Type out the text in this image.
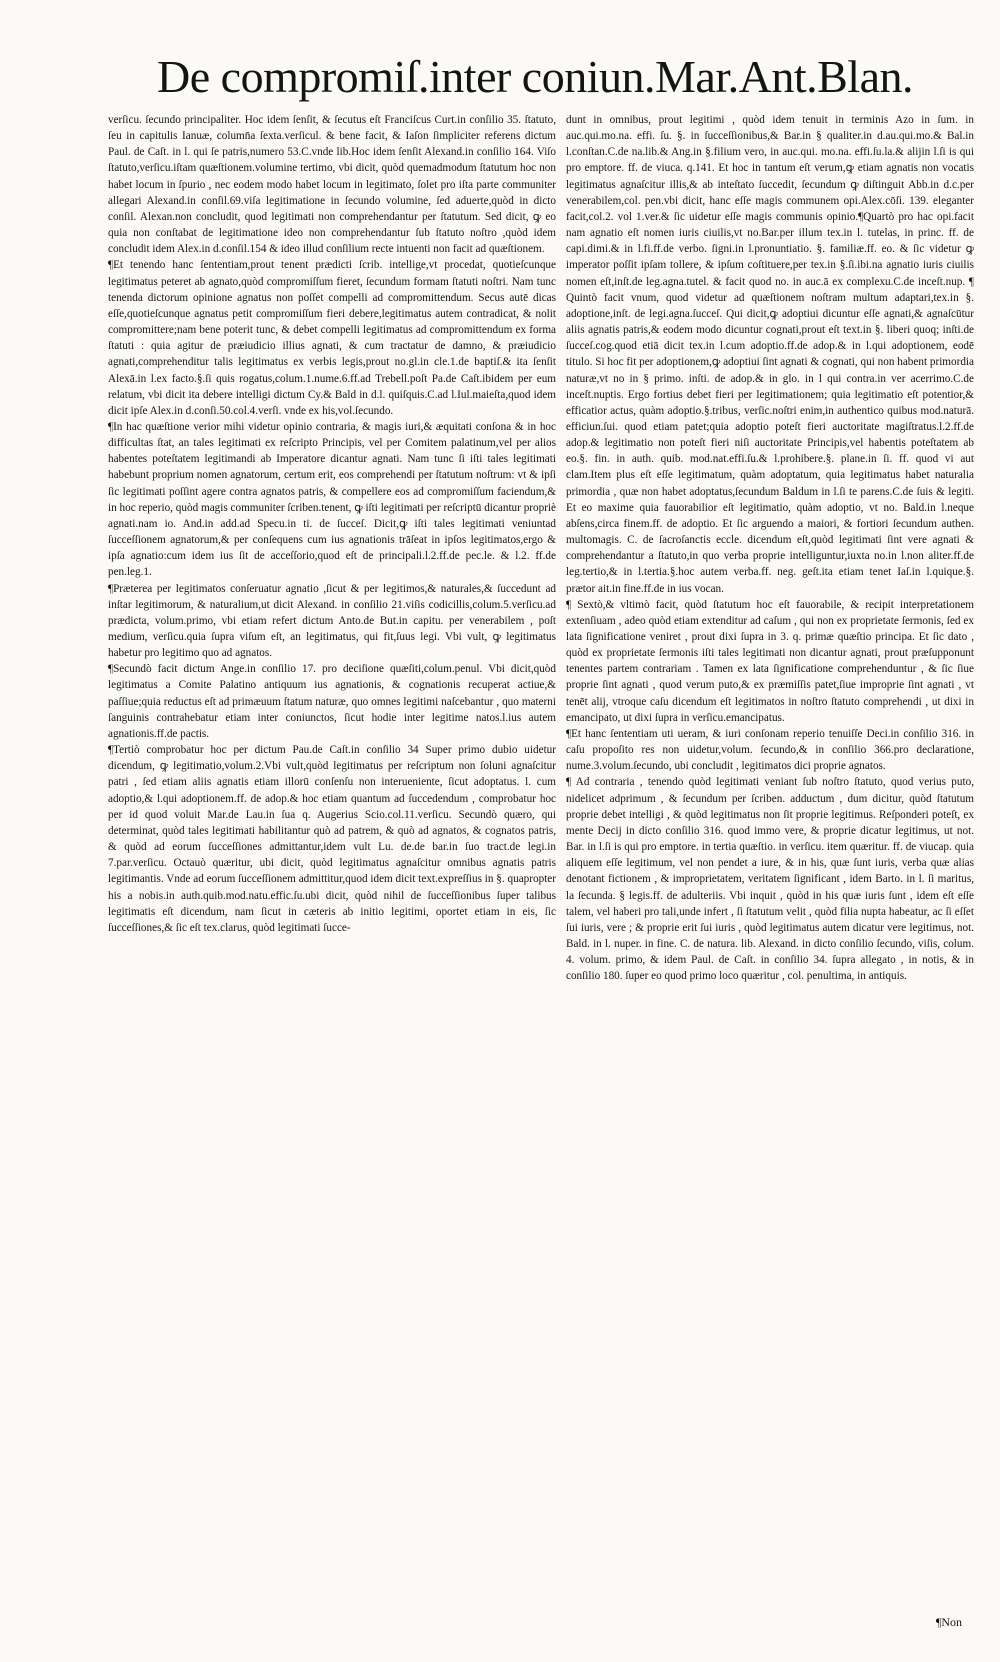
De compromiſ.inter coniun.Mar.Ant.Blan.

verſicu. ſecundo principaliter. Hoc idem ſenſit, & ſecutus eſt Franciſcus Curt.in conſilio 35. ſtatuto, ſeu in capitulis Ianuæ, column̄a ſexta.verſicul. & bene facit, & Iaſon ſimpliciter referens dictum Paul. de Caſt. in l. qui ſe patris,numero 53.C.vnde lib.Hoc idem ſenſit Alexand.in conſilio 164. Viſo ſtatuto,verſicu.iſtam quæſtionem.volumine tertimo, vbi dicit, quòd quemadmodum ſtatutum hoc non habet locum in ſpurio , nec eodem modo habet locum in legitimato, ſolet pro iſta parte communiter allegari Alexand.in conſil.69.viſa legitimatione in ſecundo volumine, ſed aduerte,quòd in dicto conſil. Alexan.non concludit, quod legitimati non comprehendantur per ſtatutum. Sed dicit, ꝙ eo quia non conſtabat de legitimatione ideo non comprehendantur ſub ſtatuto noſtro ,quòd idem concludit idem Alex.in d.conſil.154 & ideo illud conſilium recte intuenti non facit ad quæſtionem.

¶Et tenendo hanc ſententiam,prout tenent prædicti ſcrib. intellige,vt procedat, quotieſcunque legitimatus peteret ab agnato,quòd compromiſſum fieret, ſecundum formam ſtatuti noſtri. Nam tunc tenenda dictorum opinione agnatus non poſſet compelli ad compromittendum. Secus autē dicas eſſe,quotieſcunque agnatus petit compromiſſum fieri debere,legitimatus autem contradicat, & nolit compromittere;nam bene poterit tunc, & debet compelli legitimatus ad compromittendum ex forma ſtatuti : quia agitur de præiudicio illius agnati, & cum tractatur de damno, & præiudicio agnati,comprehenditur talis legitimatus ex verbis legis,prout no.gl.in cle.1.de baptiſ.& ita ſenſit Alexā.in l.ex facto.§.ſi quis rogatus,colum.1.nume.6.ff.ad Trebell.poſt Pa.de Caſt.ibidem per eum relatum, vbi dicit ita debere intelligi dictum Cy.& Bald in d.l. quiſquis.C.ad l.Iul.maieſta,quod idem dicit ipſe Alex.in d.conſi.50.col.4.verſi. vnde ex his,vol.ſecundo.

¶In hac quæſtione verior mihi videtur opinio contraria, & magis iuri,& æquitati conſona & in hoc difficultas ſtat, an tales legitimati ex reſcripto Principis, vel per Comitem palatinum,vel per alios habentes poteſtatem legitimandi ab Imperatore dicantur agnati. Nam tunc ſi iſti tales legitimati habebunt proprium nomen agnatorum, certum erit, eos comprehendi per ſtatutum noſtrum: vt & ipſi ſic legitimati poſſint agere contra agnatos patris, & compellere eos ad compromiſſum faciendum,& in hoc reperio, quòd magis communiter ſcriben.tenent, ꝙ iſti legitimati per reſcriptū dicantur propriè agnati.nam io. And.in add.ad Specu.in ti. de ſucceſ. Dicit,ꝙ iſti tales legitimati veniuntad ſucceſſionem agnatorum,& per conſequens cum ius agnationis trāſeat in ipſos legitimatos,ergo & ipſa agnatio:cum idem ius ſit de acceſſorio,quod eſt de principali.l.2.ff.de pec.le. & l.2. ff.de pen.leg.1.

¶Præterea per legitimatos conſeruatur agnatio ,ſicut & per legitimos,& naturales,& ſuccedunt ad inſtar legitimorum, & naturalium,ut dicit Alexand. in conſilio 21.viſis codicillis,colum.5.verſicu.ad prædicta, volum.primo, vbi etiam refert dictum Anto.de But.in capitu. per venerabilem , poſt medium, verſicu.quia ſupra viſum eſt, an legitimatus, qui fit,ſuus legi. Vbi vult, ꝙ legitimatus habetur pro legitimo quo ad agnatos.

¶Secundò facit dictum Ange.in conſilio 17. pro deciſione quæſiti,colum.penul. Vbi dicit,quòd legitimatus a Comite Palatino antiquum ius agnationis, & cognationis recuperat actiue,& paſſiue;quia reductus eſt ad primæuum ſtatum naturæ, quo omnes legitimi naſcebantur , quo materni ſanguinis contrahebatur etiam inter coniunctos, ſicut hodie inter legitime natos.l.ius autem agnationis.ff.de pactis.

¶Tertiò comprobatur hoc per dictum Pau.de Caſt.in conſilio 34 Super primo dubio uidetur dicendum, ꝙ legitimatio,volum.2.Vbi vult,quòd legitimatus per reſcriptum non ſoluni agnaſcitur patri , ſed etiam aliis agnatis etiam illorū conſenſu non interueniente, ſicut adoptatus. l. cum adoptio,& l.qui adoptionem.ff. de adop.& hoc etiam quantum ad ſuccedendum , comprobatur hoc per id quod voluit Mar.de Lau.in ſua q. Augerius Scio.col.11.verſicu. Secundò quæro, qui determinat, quòd tales legitimati habilitantur quò ad patrem, & quò ad agnatos, & cognatos patris, & quòd ad eorum ſucceſſiones admittantur,idem vult Lu. de.de bar.in ſuo tract.de legi.in 7.par.verſicu. Octauò quæritur, ubi dicit, quòd legitimatus agnaſcitur omnibus agnatis patris legitimantis. Vnde ad eorum ſucceſſionem admittitur,quod idem dicit text.expreſſius in §. quapropter his a nobis.in auth.quib.mod.natu.effic.ſu.ubi dicit, quòd nihil de ſucceſſionibus ſuper talibus legitimatis eſt dicendum, nam ſicut in cæteris ab initio legitimi, oportet etiam in eis, ſic ſucceſſiones,& ſic eſt tex.clarus, quòd legitimati ſucce-

dunt in omnibus, prout legitimi , quòd idem tenuit in terminis Azo in ſum. in auc.qui.mo.na. effi. ſu. §. in ſucceſſionibus,& Bar.in § qualiter.in d.au.qui.mo.& Bal.in l.conſtan.C.de na.lib.& Ang.in §.filium vero, in auc.qui. mo.na. effi.ſu.la.& alijin l.ſi is qui pro emptore. ff. de viuca. q.141. Et hoc in tantum eſt verum,ꝙ etiam agnatis non vocatis legitimatus agnaſcitur illis,& ab inteſtato ſuccedit, ſecundum ꝙ diſtinguit Abb.in d.c.per venerabilem,col. pen.vbi dicit, hanc eſſe magis communem opi.Alex.cōſi. 139. eleganter facit,col.2. vol 1.ver.& ſic uidetur eſſe magis communis opinio.¶Quartò pro hac opi.facit nam agnatio eſt nomen iuris ciuilis,vt no.Bar.per illum tex.in l. tutelas, in princ. ff. de capi.dimi.& in l.fi.ff.de verbo. ſigni.in l.pronuntiatio. §. familiæ.ff. eo. & ſic videtur ꝙ imperator poſſit ipſam tollere, & ipſum coſtituere,per tex.in §.ſi.ibi.na agnatio iuris ciuilis nomen eſt,inſt.de leg.agna.tutel. & facit quod no. in auc.ā ex complexu.C.de inceſt.nup. ¶ Quintò facit vnum, quod videtur ad quæſtionem noſtram multum adaptari,tex.in §. adoptione,inſt. de legi.agna.ſucceſ. Qui dicit,ꝙ adoptiui dicuntur eſſe agnati,& agnaſcūtur aliis agnatis patris,& eodem modo dicuntur cognati,prout eſt text.in §. liberi quoq; inſti.de ſucceſ.cog.quod etiā dicit tex.in l.cum adoptio.ff.de adop.& in l.qui adoptionem, eodē titulo. Si hoc fit per adoptionem,ꝙ adoptiui ſint agnati & cognati, qui non habent primordia naturæ,vt no in § primo. inſti. de adop.& in glo. in l qui contra.in ver acerrimo.C.de inceſt.nuptis. Ergo fortius debet fieri per legitimationem; quia legitimatio eſt potentior,& efficatior actus, quàm adoptio.§.tribus, verſic.noſtri enim,in authentico quibus mod.naturā. efficiun.ſui. quod etiam patet;quia adoptio poteſt fieri auctoritate magiſtratus.l.2.ff.de adop.& legitimatio non poteſt fieri niſi auctoritate Principis,vel habentis poteſtatem ab eo.§. fin. in auth. quib. mod.nat.effi.ſu.& l.prohibere.§. plane.in ſi. ff. quod vi aut clam.Item plus eſt eſſe legitimatum, quàm adoptatum, quia legitimatus habet naturalia primordia , quæ non habet adoptatus,ſecundum Baldum in l.ſi te parens.C.de ſuis & legiti. Et eo maxime quia fauorabilior eſt legitimatio, quàm adoptio, vt no. Bald.in l.neque abſens,circa finem.ff. de adoptio. Et ſic arguendo a maiori, & fortiori ſecundum authen. multomagis. C. de ſacroſanctis eccle. dicendum eſt,quòd legitimati ſint vere agnati & comprehendantur a ſtatuto,in quo verba proprie intelliguntur,iuxta no.in l.non aliter.ff.de leg.tertio,& in l.tertia.§.hoc autem verba.ff. neg. geſt.ita etiam tenet Iaſ.in l.quique.§. prætor ait.in fine.ff.de in ius vocan.

¶ Sextò,& vltimò facit, quòd ſtatutum hoc eſt fauorabile, & recipit interpretationem extenſiuam , adeo quòd etiam extenditur ad caſum , qui non ex proprietate ſermonis, ſed ex lata ſignificatione veniret , prout dixi ſupra in 3. q. primæ quæſtio principa. Et ſic dato , quòd ex proprietate ſermonis iſti tales legitimati non dicantur agnati, prout præſupponunt tenentes partem contrariam . Tamen ex lata ſignificatione comprehenduntur , & ſic ſiue proprie ſint agnati , quod verum puto,& ex præmiſſis patet,ſiue improprie ſint agnati , vt tenēt alij, vtroque caſu dicendum eſt legitimatos in noſtro ſtatuto comprehendi , ut dixi in emancipato, ut dixi ſupra in verſicu.emancipatus.

¶Et hanc ſententiam uti ueram, & iuri conſonam reperio tenuiſſe Deci.in conſilio 316. in caſu propoſito res non uidetur,volum. ſecundo,& in conſilio 366.pro declaratione, nume.3.volum.ſecundo, ubi concludit , legitimatos dici proprie agnatos.

¶ Ad contraria , tenendo quòd legitimati veniant ſub noſtro ſtatuto, quod verius puto, nidelicet adprimum , & ſecundum per ſcriben. adductum , dum dicitur, quòd ſtatutum proprie debet intelligi , & quòd legitimatus non ſit proprie legitimus. Reſponderi poteſt, ex mente Decij in dicto conſilio 316. quod immo vere, & proprie dicatur legitimus, ut not. Bar. in l.ſi is qui pro emptore. in tertia quæſtio. in verſicu. item quæritur. ff. de viucap. quia aliquem eſſe legitimum, vel non pendet a iure, & in his, quæ ſunt iuris, verba quæ alias denotant fictionem , & improprietatem, veritatem ſignificant , idem Barto. in l. ſi maritus, la ſecunda. § legis.ff. de adulteriis. Vbi inquit , quòd in his quæ iuris ſunt , idem eſt eſſe talem, vel haberi pro tali,unde infert , ſi ſtatutum velit , quòd filia nupta habeatur, ac ſi eſſet ſui iuris, vere ; & proprie erit ſui iuris , quòd legitimatus autem dicatur vere legitimus, not. Bald. in l. nuper. in fine. C. de natura. lib. Alexand. in dicto conſilio ſecundo, viſis, colum. 4. volum. primo, & idem Paul. de Caſt. in conſilio 34. ſupra allegato , in notis, & in conſilio 180. ſuper eo quod primo loco quæritur , col. penultima, in antiquis.

¶Non
